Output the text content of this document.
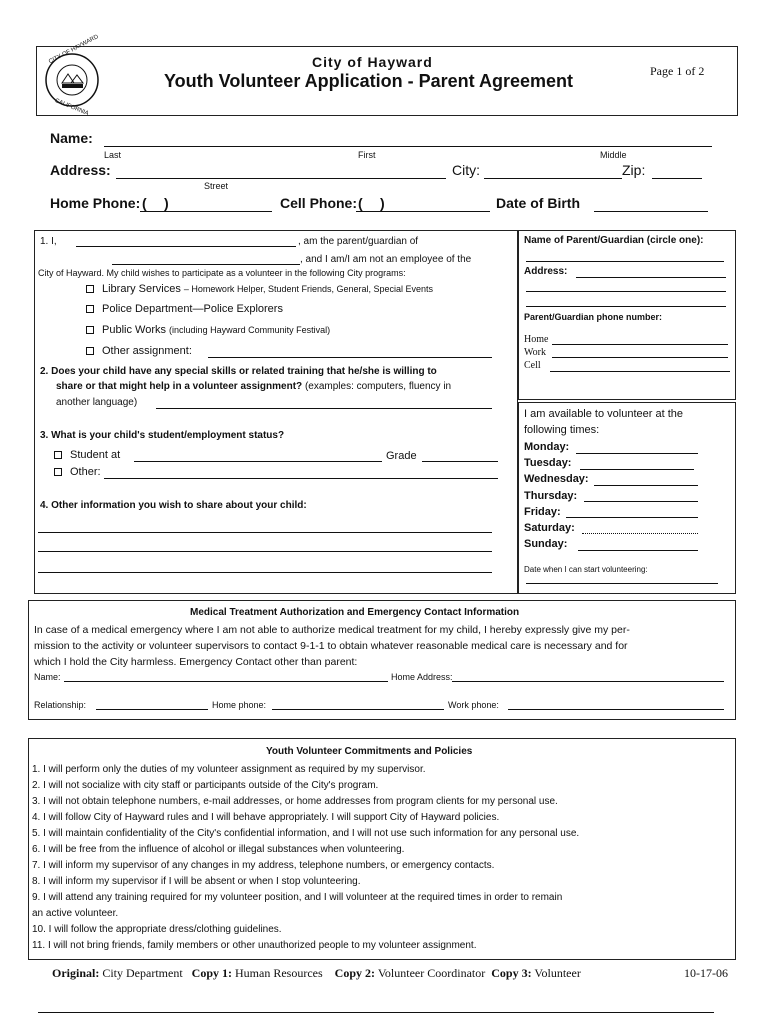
CITY OF HAYWARD
CALIFORNIA
City of Hayward
Youth Volunteer Application - Parent Agreement	Page 1 of 2
Name:
Last	First	Middle
Address:	City:	Zip:
Street
Home Phone: ( )	Cell Phone: ( )	Date of Birth
1. I,	, am the parent/guardian of
, and I am/I am not an employee of the
City of Hayward. My child wishes to participate as a volunteer in the following City programs:
Library Services – Homework Helper, Student Friends, General, Special Events
Police Department—Police Explorers
Public Works (including Hayward Community Festival)
Other assignment:
2. Does your child have any special skills or related training that he/she is willing to
share or that might help in a volunteer assignment? (examples: computers, fluency in
another language)
3. What is your child's student/employment status?
Student at	Grade
Other:
4. Other information you wish to share about your child:
Name of Parent/Guardian (circle one):
Address:
Parent/Guardian phone number:
Home
Work
Cell
I am available to volunteer at the
following times:
Monday:
Tuesday:
Wednesday:
Thursday:
Friday:
Saturday:
Sunday:
Date when I can start volunteering:
Medical Treatment Authorization and Emergency Contact Information
In case of a medical emergency where I am not able to authorize medical treatment for my child, I hereby expressly give my per-
mission to the activity or volunteer supervisors to contact 9-1-1 to obtain whatever reasonable medical care is necessary and for
which I hold the City harmless. Emergency Contact other than parent:
Name:	Home Address:
Relationship:	Home phone:	Work phone:
Youth Volunteer Commitments and Policies
1. I will perform only the duties of my volunteer assignment as required by my supervisor.
2. I will not socialize with city staff or participants outside of the City's program.
3. I will not obtain telephone numbers, e-mail addresses, or home addresses from program clients for my personal use.
4. I will follow City of Hayward rules and I will behave appropriately. I will support City of Hayward policies.
5. I will maintain confidentiality of the City's confidential information, and I will not use such information for any personal use.
6. I will be free from the influence of alcohol or illegal substances when volunteering.
7. I will inform my supervisor of any changes in my address, telephone numbers, or emergency contacts.
8. I will inform my supervisor if I will be absent or when I stop volunteering.
9. I will attend any training required for my volunteer position, and I will volunteer at the required times in order to remain
an active volunteer.
10. I will follow the appropriate dress/clothing guidelines.
11. I will not bring friends, family members or other unauthorized people to my volunteer assignment.
Original: City Department Copy 1: Human Resources Copy 2: Volunteer Coordinator Copy 3: Volunteer	10-17-06
